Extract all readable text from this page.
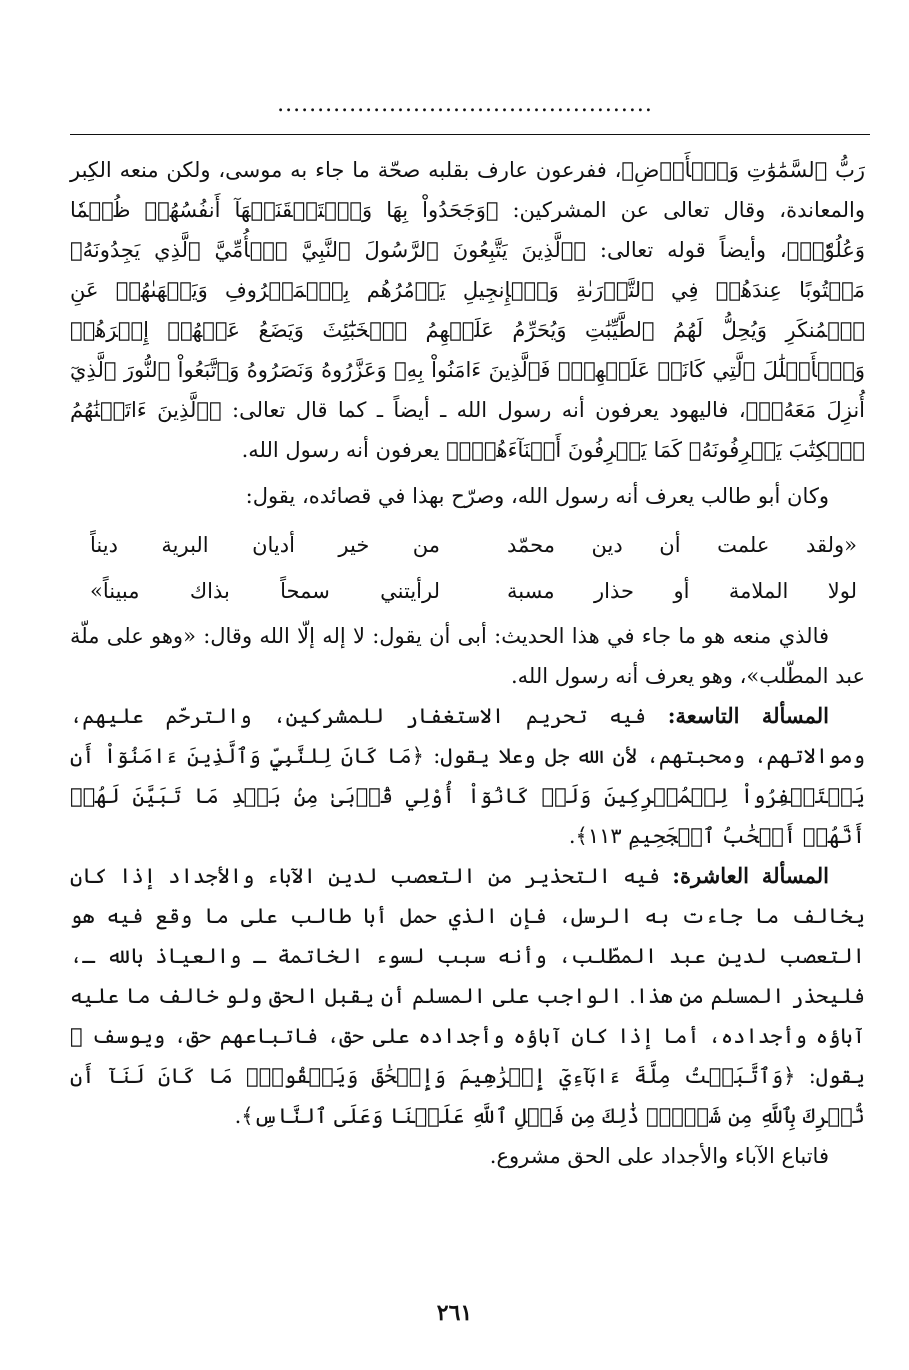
...............................................

رَبُّ ٱلسَّمَٰوَٰتِ وَٱلۡأَرۡضِ﴾، ففرعون عارف بقلبه صحّة ما جاء به موسى، ولكن منعه الكِبر والمعاندة، وقال تعالى عن المشركين: ﴿وَجَحَدُواْ بِهَا وَٱسۡتَيۡقَنَتۡهَآ أَنفُسُهُمۡ ظُلۡمٗا وَعُلُوّٗاۚ﴾، وأيضاً قوله تعالى: ﴿ٱلَّذِينَ يَتَّبِعُونَ ٱلرَّسُولَ ٱلنَّبِيَّ ٱلۡأُمِّيَّ ٱلَّذِي يَجِدُونَهُۥ مَكۡتُوبًا عِندَهُمۡ فِي ٱلتَّوۡرَىٰةِ وَٱلۡإِنجِيلِ يَأۡمُرُهُم بِٱلۡمَعۡرُوفِ وَيَنۡهَىٰهُمۡ عَنِ ٱلۡمُنكَرِ وَيُحِلُّ لَهُمُ ٱلطَّيِّبَٰتِ وَيُحَرِّمُ عَلَيۡهِمُ ٱلۡخَبَٰٓئِثَ وَيَضَعُ عَنۡهُمۡ إِصۡرَهُمۡ وَٱلۡأَغۡلَٰلَ ٱلَّتِي كَانَتۡ عَلَيۡهِمۡۚ فَٱلَّذِينَ ءَامَنُواْ بِهِۦ وَعَزَّرُوهُ وَنَصَرُوهُ وَٱتَّبَعُواْ ٱلنُّورَ ٱلَّذِيٓ أُنزِلَ مَعَهُۥٓ﴾، فاليهود يعرفون أنه رسول الله ـ أيضاً ـ كما قال تعالى: ﴿ٱلَّذِينَ ءَاتَيۡنَٰهُمُ ٱلۡكِتَٰبَ يَعۡرِفُونَهُۥ كَمَا يَعۡرِفُونَ أَبۡنَآءَهُمۡۖ﴾ يعرفون أنه رسول الله.

وكان أبو طالب يعرف أنه رسول الله، وصرّح بهذا في قصائده، يقول:

«ولقد علمت أن دين محمّد
من خير أديان البرية ديناً
لولا الملامة أو حذار مسبة
لرأيتني سمحاً بذاك مبيناً»

فالذي منعه هو ما جاء في هذا الحديث: أبى أن يقول: لا إله إلّا الله وقال: «وهو على ملّة عبد المطّلب»، وهو يعرف أنه رسول الله.

المسألة التاسعة: فيه تحريم الاستغفار للمشركين، والترحّم عليهم، وموالاتهم، ومحبتهم، لأن الله جل وعلا يقول: ﴿مَا كَانَ لِلنَّبِيِّ وَٱلَّذِينَ ءَامَنُوٓاْ أَن يَسۡتَغۡفِرُواْ لِلۡمُشۡرِكِينَ وَلَوۡ كَانُوٓاْ أُوْلِي قُرۡبَىٰ مِنۢ بَعۡدِ مَا تَبَيَّنَ لَهُمۡ أَنَّهُمۡ أَصۡحَٰبُ ٱلۡجَحِيمِ ١١٣﴾.

المسألة العاشرة: فيه التحذير من التعصب لدين الآباء والأجداد إذا كان يخالف ما جاءت به الرسل، فإن الذي حمل أبا طالب على ما وقع فيه هو التعصب لدين عبد المطّلب، وأنه سبب لسوء الخاتمة ـ والعياذ بالله ـ، فليحذر المسلم من هذا. الواجب على المسلم أن يقبل الحق ولو خالف ما عليه آباؤه وأجداده، أما إذا كان آباؤه وأجداده على حق، فاتباعهم حق، ويوسف ﷺ يقول: ﴿وَٱتَّبَعۡتُ مِلَّةَ ءَابَآءِيٓ إِبۡرَٰهِيمَ وَإِسۡحَٰقَ وَيَعۡقُوبَۚ مَا كَانَ لَنَآ أَن نُّشۡرِكَ بِٱللَّهِ مِن شَيۡءٖۚ ذَٰلِكَ مِن فَضۡلِ ٱللَّهِ عَلَيۡنَا وَعَلَى ٱلنَّاسِ﴾.

فاتباع الآباء والأجداد على الحق مشروع.

٢٦١
